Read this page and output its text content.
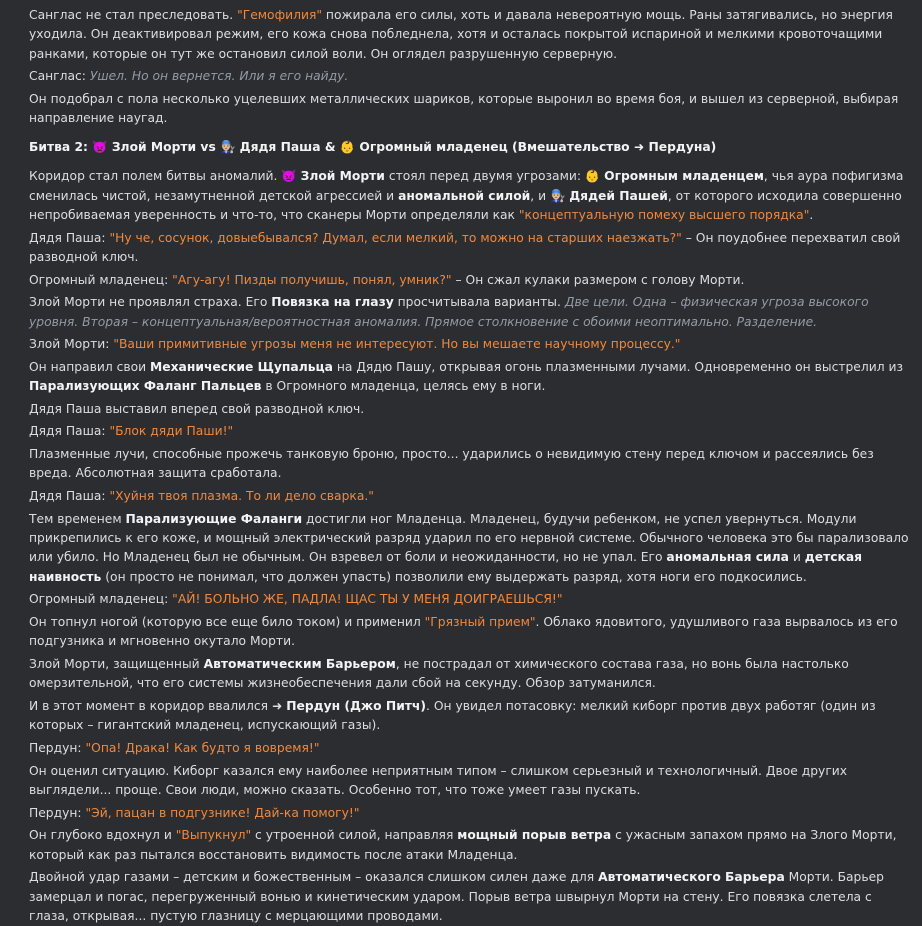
Санглас не стал преследовать. "Гемофилия" пожирала его силы, хоть и давала невероятную мощь. Раны затягивались, но энергия уходила. Он деактивировал режим, его кожа снова побледнела, хотя и осталась покрытой испариной и мелкими кровоточащими ранками, которые он тут же остановил силой воли. Он оглядел разрушенную серверную.
Санглас: Ушел. Но он вернется. Или я его найду.
Он подобрал с пола несколько уцелевших металлических шариков, которые выронил во время боя, и вышел из серверной, выбирая направление наугад.
Битва 2: 👿 Злой Морти vs 👨🏼‍🔧 Дядя Паша & 👶 Огромный младенец (Вмешательство ➜ Пердуна)
Коридор стал полем битвы аномалий. 👿 Злой Морти стоял перед двумя угрозами: 👶 Огромным младенцем, чья аура пофигизма сменилась чистой, незамутненной детской агрессией и аномальной силой, и 👨🏼‍🔧 Дядей Пашей, от которого исходила совершенно непробиваемая уверенность и что-то, что сканеры Морти определяли как "концептуальную помеху высшего порядка".
Дядя Паша: "Ну че, сосунок, довыебывался? Думал, если мелкий, то можно на старших наезжать?" – Он поудобнее перехватил свой разводной ключ.
Огромный младенец: "Агу-агу! Пизды получишь, понял, умник?" – Он сжал кулаки размером с голову Морти.
Злой Морти не проявлял страха. Его Повязка на глазу просчитывала варианты. Две цели. Одна – физическая угроза высокого уровня. Вторая – концептуальная/вероятностная аномалия. Прямое столкновение с обоими неоптимально. Разделение.
Злой Морти: "Ваши примитивные угрозы меня не интересуют. Но вы мешаете научному процессу."
Он направил свои Механические Щупальца на Дядю Пашу, открывая огонь плазменными лучами. Одновременно он выстрелил из Парализующих Фаланг Пальцев в Огромного младенца, целясь ему в ноги.
Дядя Паша выставил вперед свой разводной ключ.
Дядя Паша: "Блок дяди Паши!"
Плазменные лучи, способные прожечь танковую броню, просто... ударились о невидимую стену перед ключом и рассеялись без вреда. Абсолютная защита сработала.
Дядя Паша: "Хуйня твоя плазма. То ли дело сварка."
Тем временем Парализующие Фаланги достигли ног Младенца. Младенец, будучи ребенком, не успел увернуться. Модули прикрепились к его коже, и мощный электрический разряд ударил по его нервной системе. Обычного человека это бы парализовало или убило. Но Младенец был не обычным. Он взревел от боли и неожиданности, но не упал. Его аномальная сила и детская наивность (он просто не понимал, что должен упасть) позволили ему выдержать разряд, хотя ноги его подкосились.
Огромный младенец: "АЙ! БОЛЬНО ЖЕ, ПАДЛА! ЩАС ТЫ У МЕНЯ ДОИГРАЕШЬСЯ!"
Он топнул ногой (которую все еще било током) и применил "Грязный прием". Облако ядовитого, удушливого газа вырвалось из его подгузника и мгновенно окутало Морти.
Злой Морти, защищенный Автоматическим Барьером, не пострадал от химического состава газа, но вонь была настолько омерзительной, что его системы жизнеобеспечения дали сбой на секунду. Обзор затуманился.
И в этот момент в коридор ввалился ➜ Пердун (Джо Питч). Он увидел потасовку: мелкий киборг против двух работяг (один из которых – гигантский младенец, испускающий газы).
Пердун: "Опа! Драка! Как будто я вовремя!"
Он оценил ситуацию. Киборг казался ему наиболее неприятным типом – слишком серьезный и технологичный. Двое других выглядели... проще. Свои люди, можно сказать. Особенно тот, что тоже умеет газы пускать.
Пердун: "Эй, пацан в подгузнике! Дай-ка помогу!"
Он глубоко вдохнул и "Выпукнул" с утроенной силой, направляя мощный порыв ветра с ужасным запахом прямо на Злого Морти, который как раз пытался восстановить видимость после атаки Младенца.
Двойной удар газами – детским и божественным – оказался слишком силен даже для Автоматического Барьера Морти. Барьер замерцал и погас, перегруженный вонью и кинетическим ударом. Порыв ветра швырнул Морти на стену. Его повязка слетела с глаза, открывая... пустую глазницу с мерцающими проводами.
